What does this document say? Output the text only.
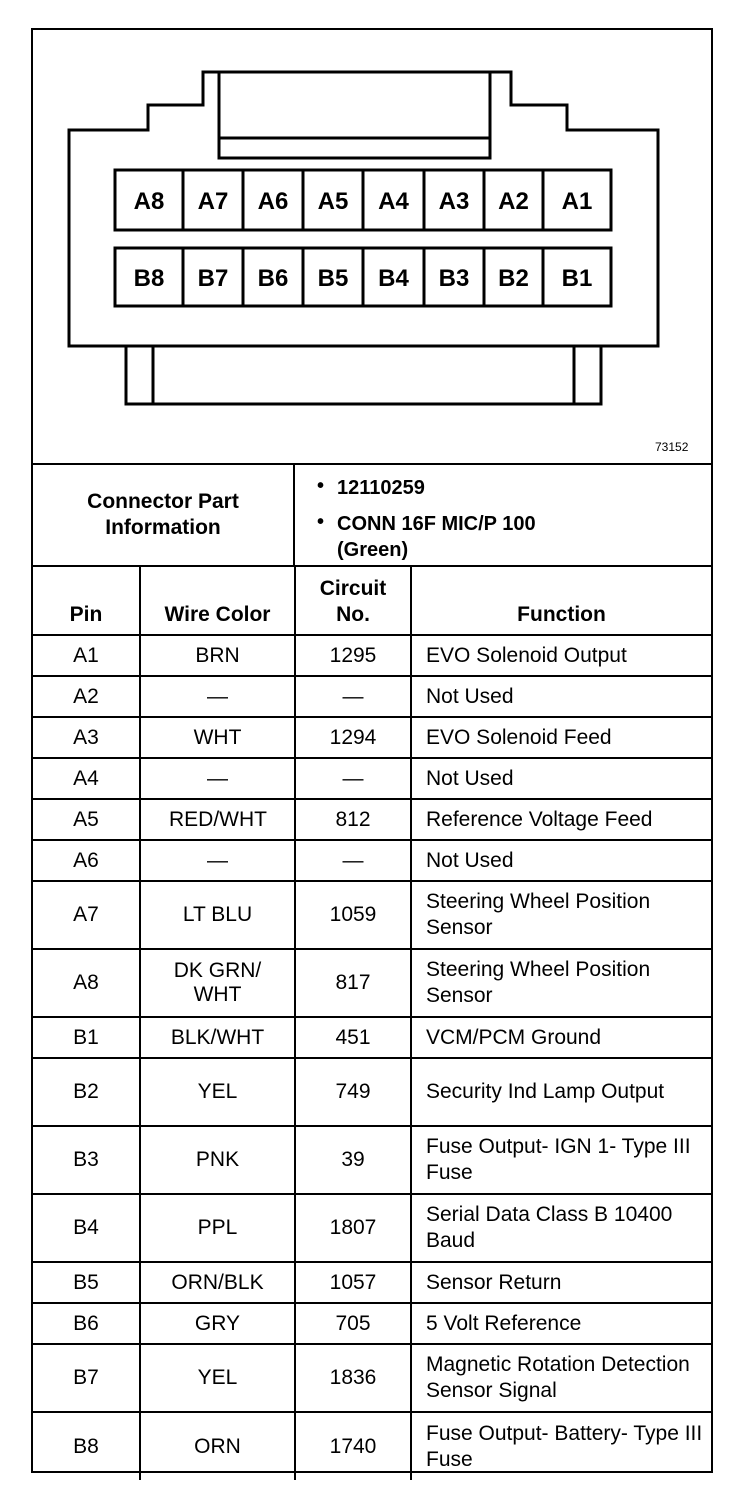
A8 A7 A6 A5 A4 A3 A2 A1
B8 B7 B6 B5 B4 B3 B2 B1
73152
Connector Part Information
• 12110259
• CONN 16F MIC/P 100 (Green)
Pin	Wire Color	Circuit No.	Function
A1	BRN	1295	EVO Solenoid Output
A2	—	—	Not Used
A3	WHT	1294	EVO Solenoid Feed
A4	—	—	Not Used
A5	RED/WHT	812	Reference Voltage Feed
A6	—	—	Not Used
A7	LT BLU	1059	Steering Wheel Position Sensor
A8	DK GRN/ WHT	817	Steering Wheel Position Sensor
B1	BLK/WHT	451	VCM/PCM Ground
B2	YEL	749	Security Ind Lamp Output
B3	PNK	39	Fuse Output- IGN 1- Type III Fuse
B4	PPL	1807	Serial Data Class B 10400 Baud
B5	ORN/BLK	1057	Sensor Return
B6	GRY	705	5 Volt Reference
B7	YEL	1836	Magnetic Rotation Detection Sensor Signal
B8	ORN	1740	Fuse Output- Battery- Type III Fuse
